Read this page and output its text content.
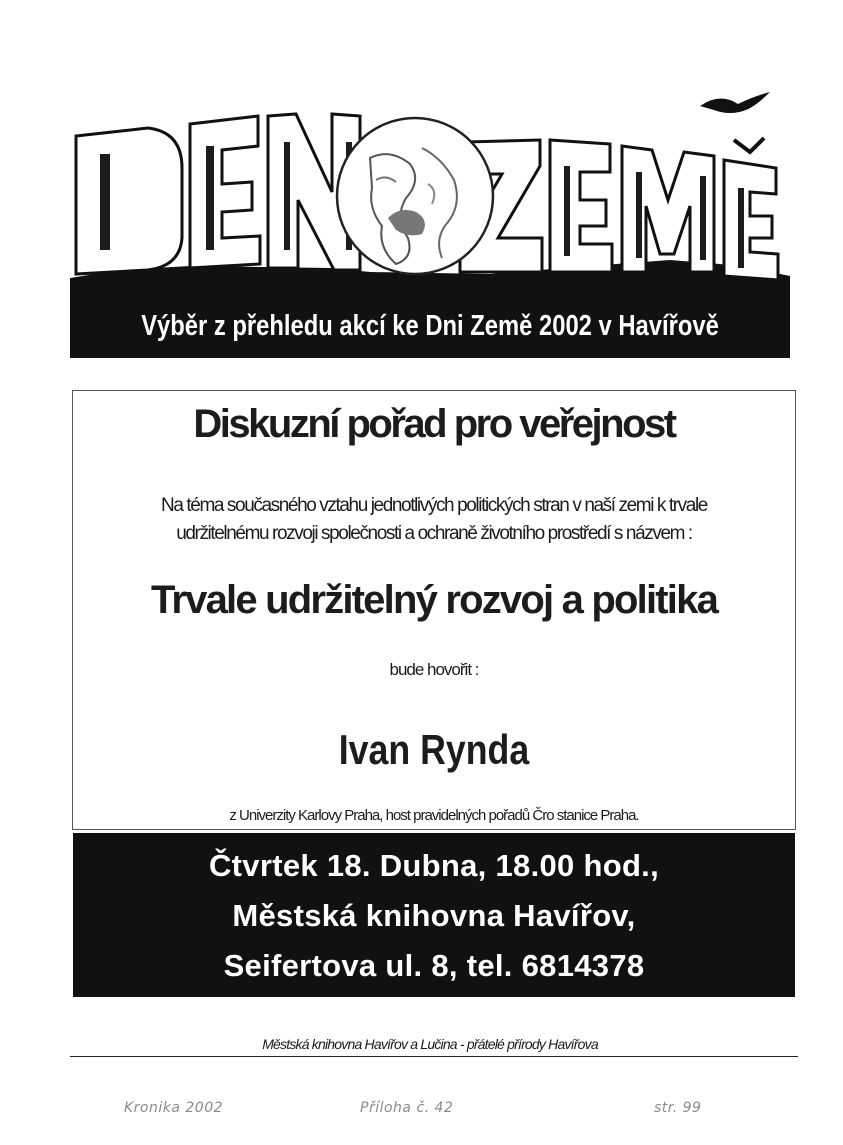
Výběr z přehledu akcí ke Dni Země 2002 v Havířově
Diskuzní pořad pro veřejnost
Na téma současného vztahu jednotlivých politických stran v naší zemi k trvale
udržitelnému rozvoji společnosti a ochraně životního prostředí s názvem :
Trvale udržitelný rozvoj a politika
bude hovořit :
Ivan Rynda
z Univerzity Karlovy Praha, host pravidelných pořadů Čro stanice Praha.
Čtvrtek 18. Dubna, 18.00 hod.,
Městská knihovna Havířov,
Seifertova ul. 8, tel. 6814378
Městská knihovna Havířov a Lučina - přátelé přírody Havířova
Kronika 2002	Příloha č. 42	str. 99
